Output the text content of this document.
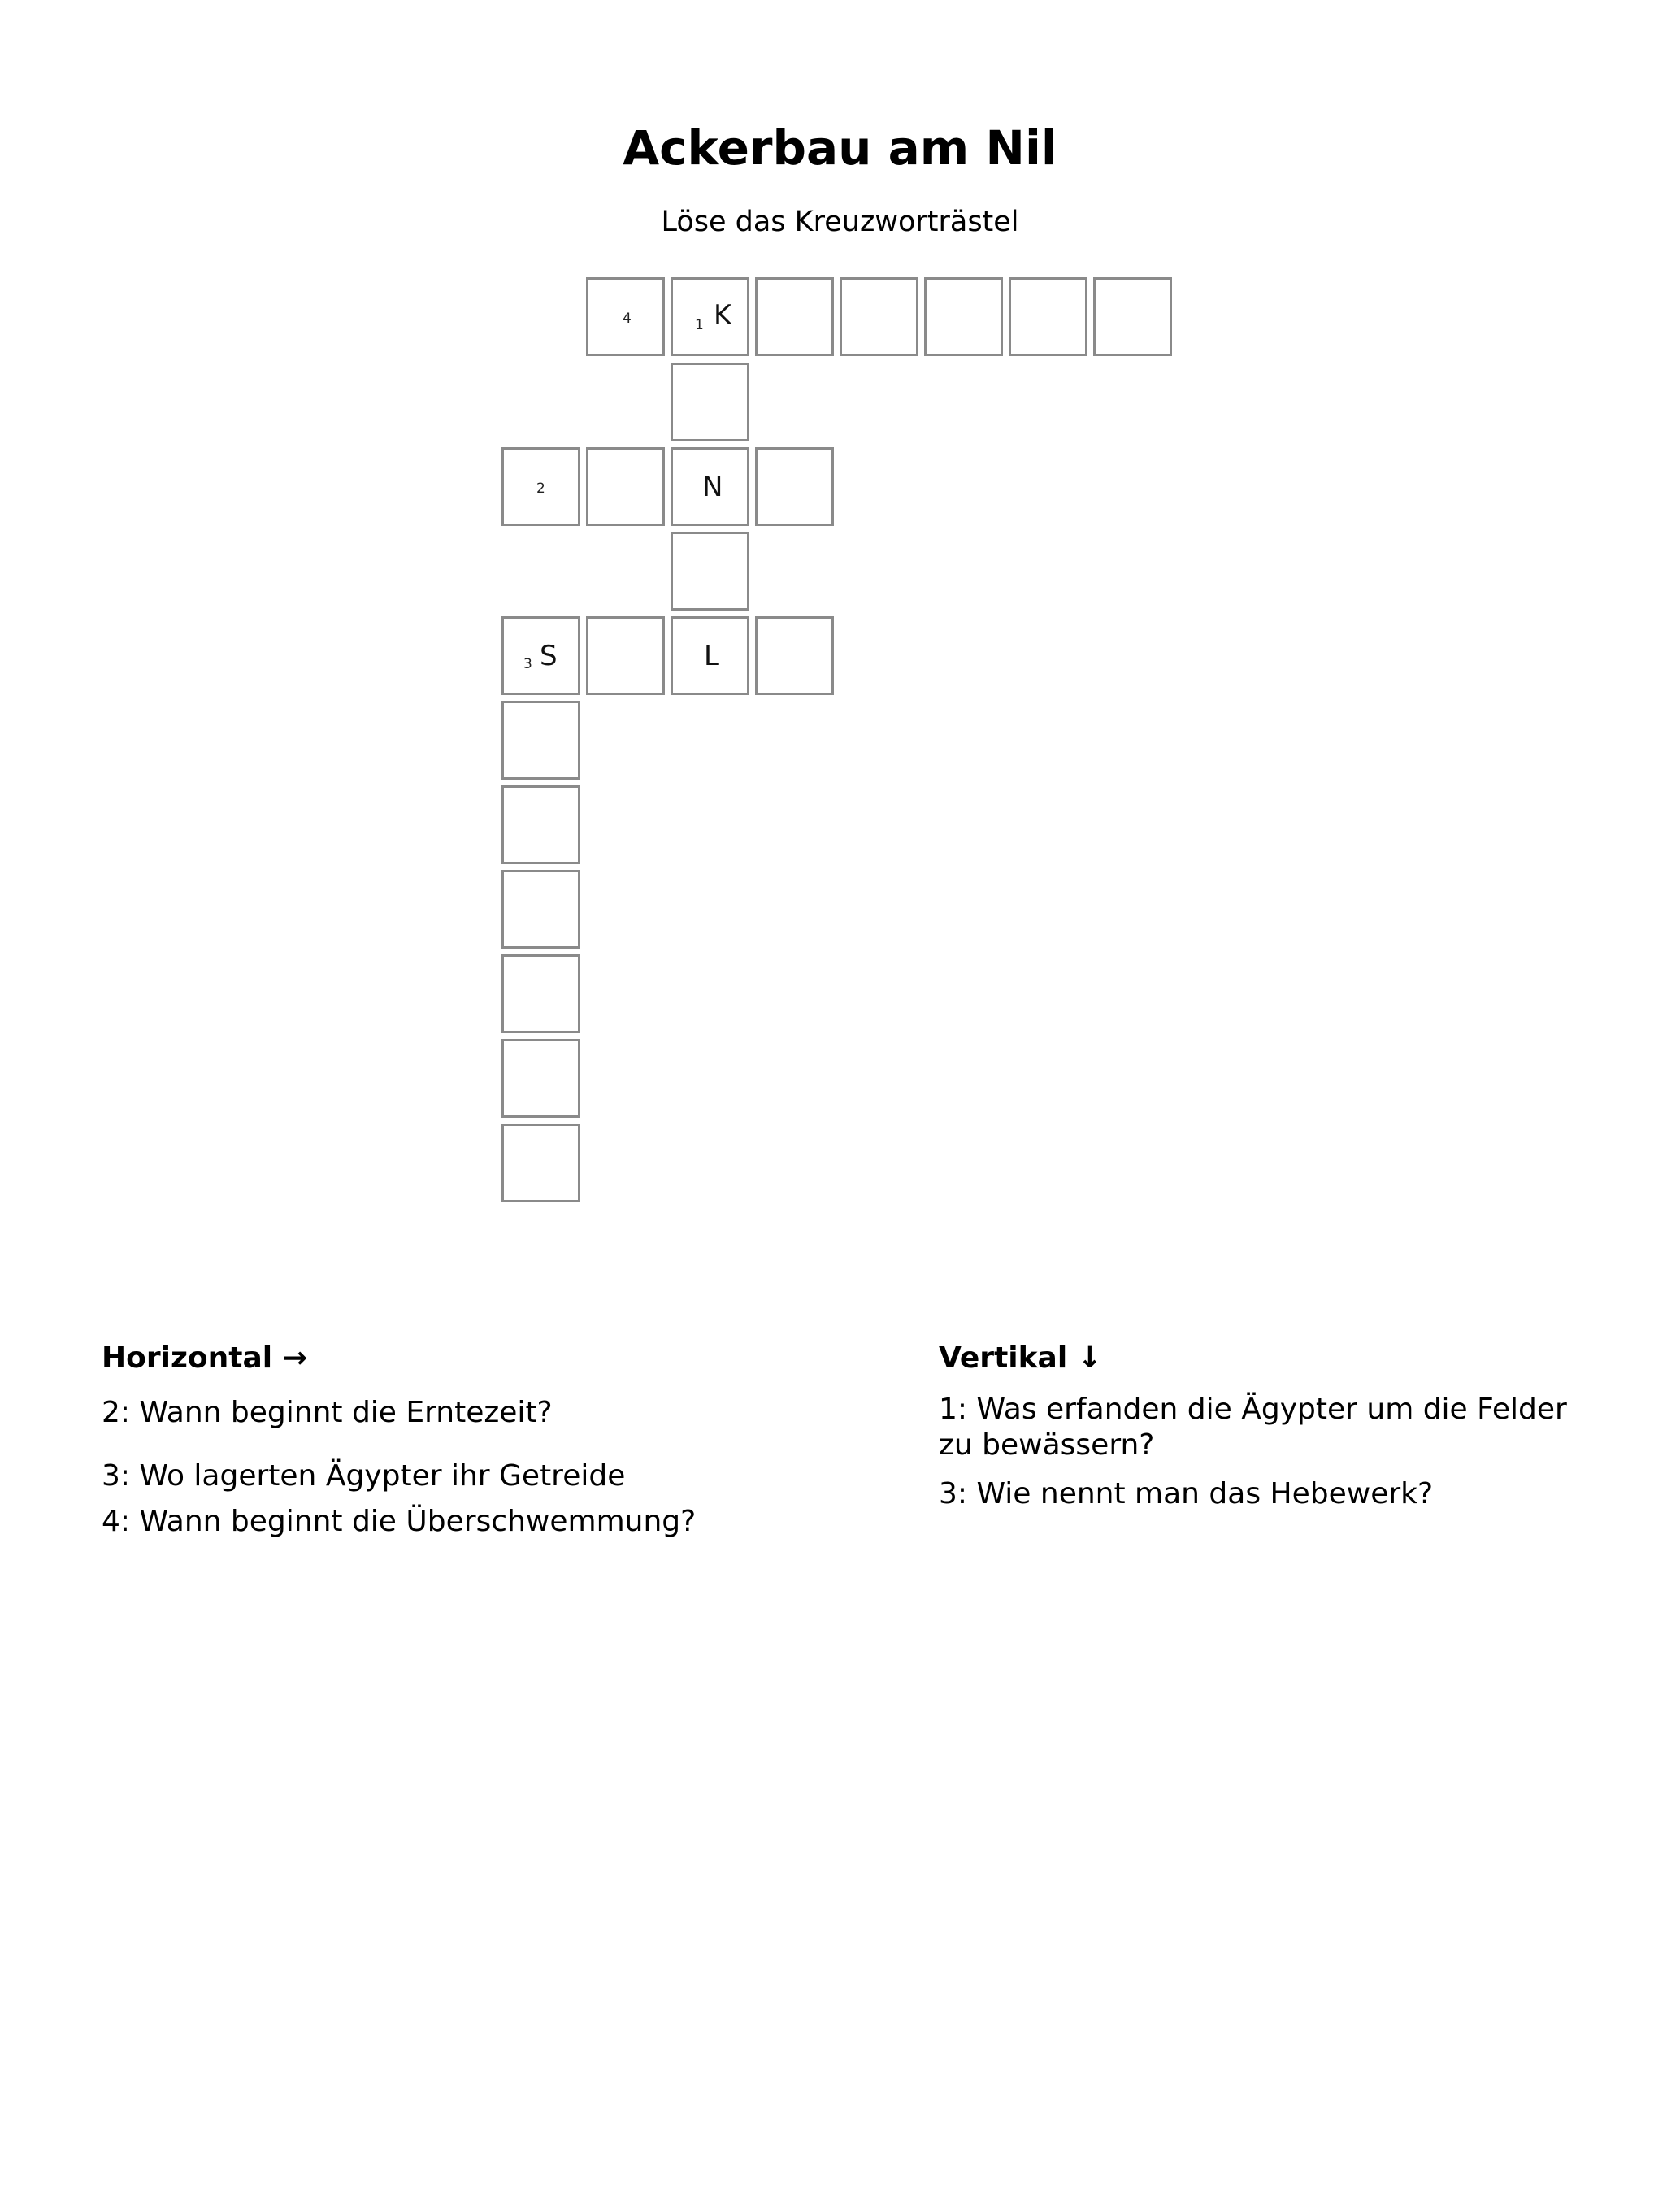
Ackerbau am Nil
Löse das Kreuzworträstel
4	1 K
2	N
3 S	L
Horizontal →

2: Wann beginnt die Erntezeit?

3: Wo lagerten Ägypter ihr Getreide

4: Wann beginnt die Überschwemmung?

Vertikal ↓

1: Was erfanden die Ägypter um die Felder zu bewässern?

3: Wie nennt man das Hebewerk?
